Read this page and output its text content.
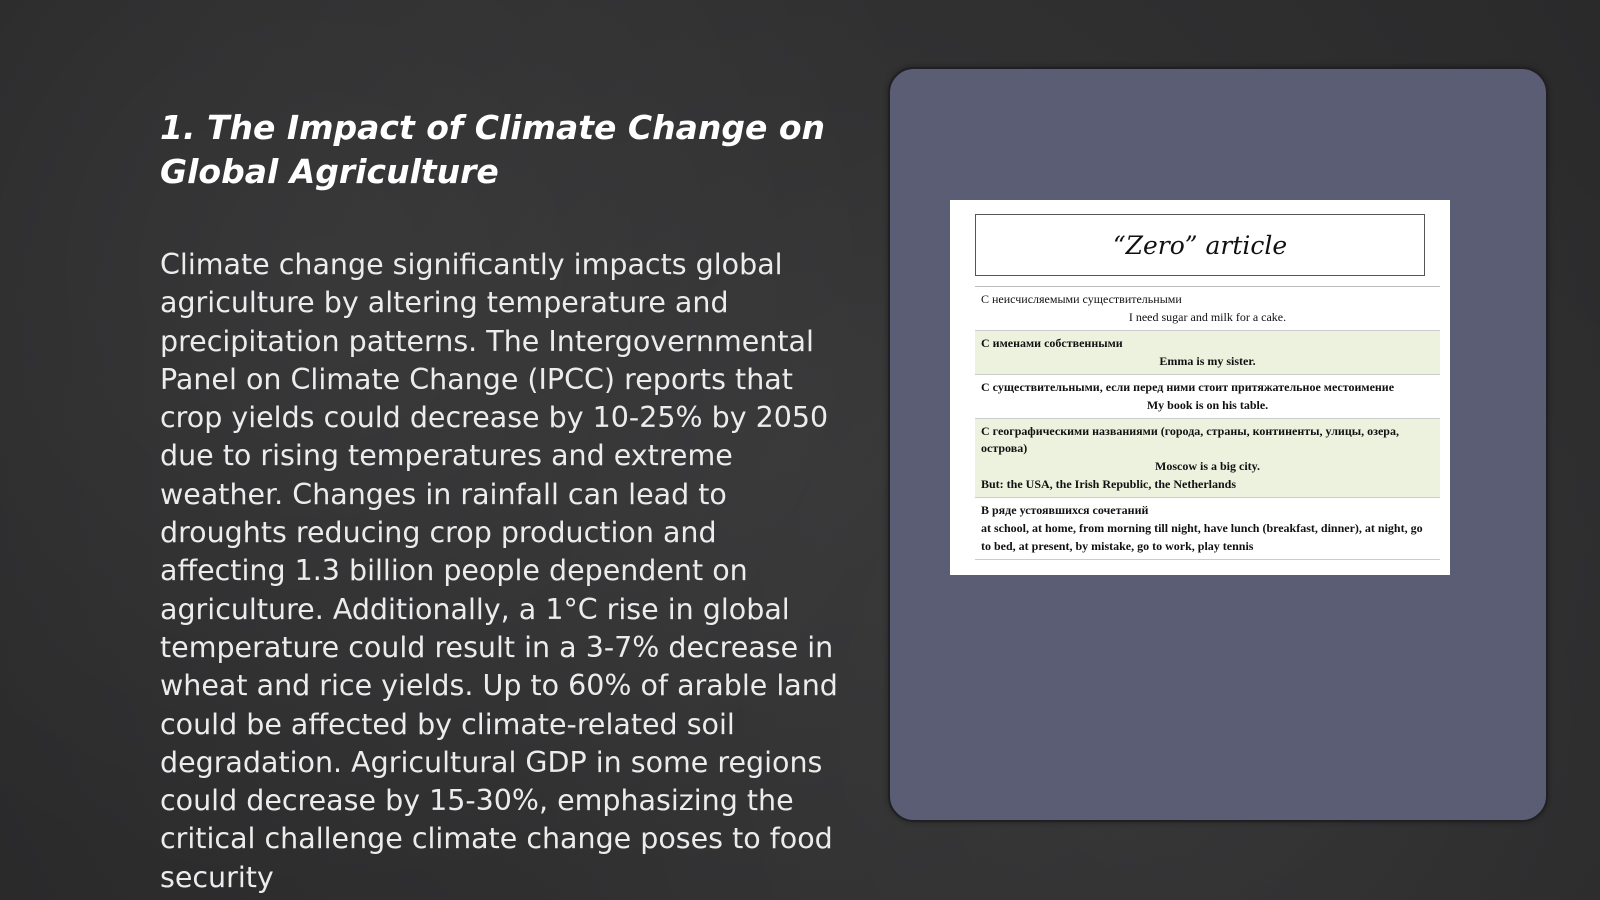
1. The Impact of Climate Change on Global Agriculture
Climate change significantly impacts global agriculture by altering temperature and precipitation patterns. The Intergovernmental Panel on Climate Change (IPCC) reports that crop yields could decrease by 10-25% by 2050 due to rising temperatures and extreme weather. Changes in rainfall can lead to droughts reducing crop production and affecting 1.3 billion people dependent on agriculture. Additionally, a 1°C rise in global temperature could result in a 3-7% decrease in wheat and rice yields. Up to 60% of arable land could be affected by climate-related soil degradation. Agricultural GDP in some regions could decrease by 15-30%, emphasizing the critical challenge climate change poses to food security
“Zero” article
С неисчисляемыми существительными
I need sugar and milk for a cake.
С именами собственными
Emma is my sister.
С существительными, если перед ними стоит притяжательное местоимение
My book is on his table.
С географическими названиями (города, страны, континенты, улицы, озера, острова)
Moscow is a big city.
But: the USA, the Irish Republic, the Netherlands
В ряде устоявшихся сочетаний
at school, at home, from morning till night, have lunch (breakfast, dinner), at night, go to bed, at present, by mistake, go to work, play tennis
